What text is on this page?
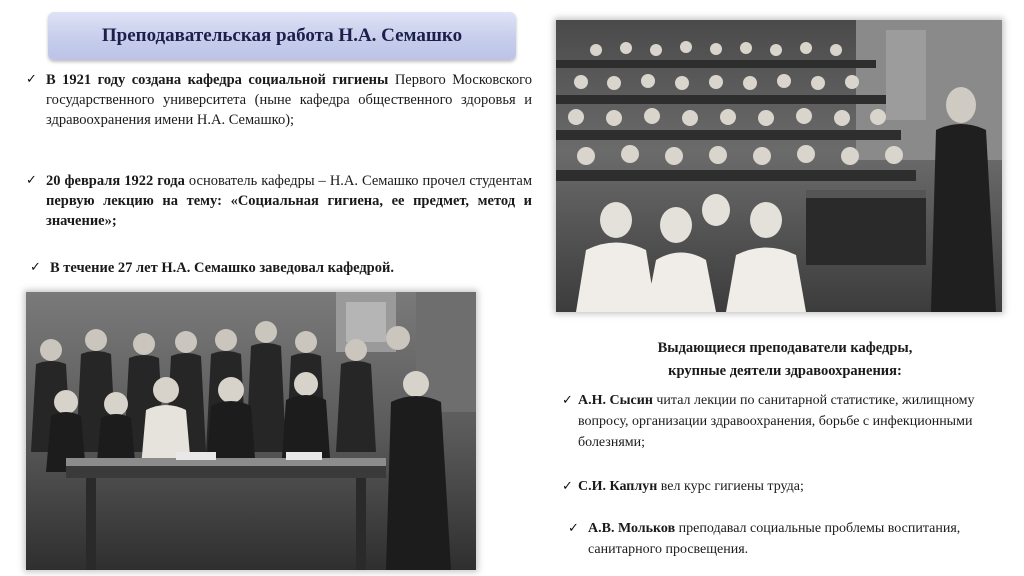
Преподавательская работа Н.А. Семашко
✓ В 1921 году создана кафедра социальной гигиены Первого Московского государственного университета (ныне кафедра общественного здоровья и здравоохранения имени Н.А. Семашко);
✓ 20 февраля 1922 года основатель кафедры – Н.А. Семашко прочел студентам первую лекцию на тему: «Социальная гигиена, ее предмет, метод и значение»;
✓ В течение 27 лет Н.А. Семашко заведовал кафедрой.
Выдающиеся преподаватели кафедры,
крупные деятели здравоохранения:
✓ А.Н. Сысин читал лекции по санитарной статистике, жилищному вопросу, организации здравоохранения, борьбе с инфекционными болезнями;
✓ С.И. Каплун вел курс гигиены труда;
✓ А.В. Мольков преподавал социальные проблемы воспитания, санитарного просвещения.
